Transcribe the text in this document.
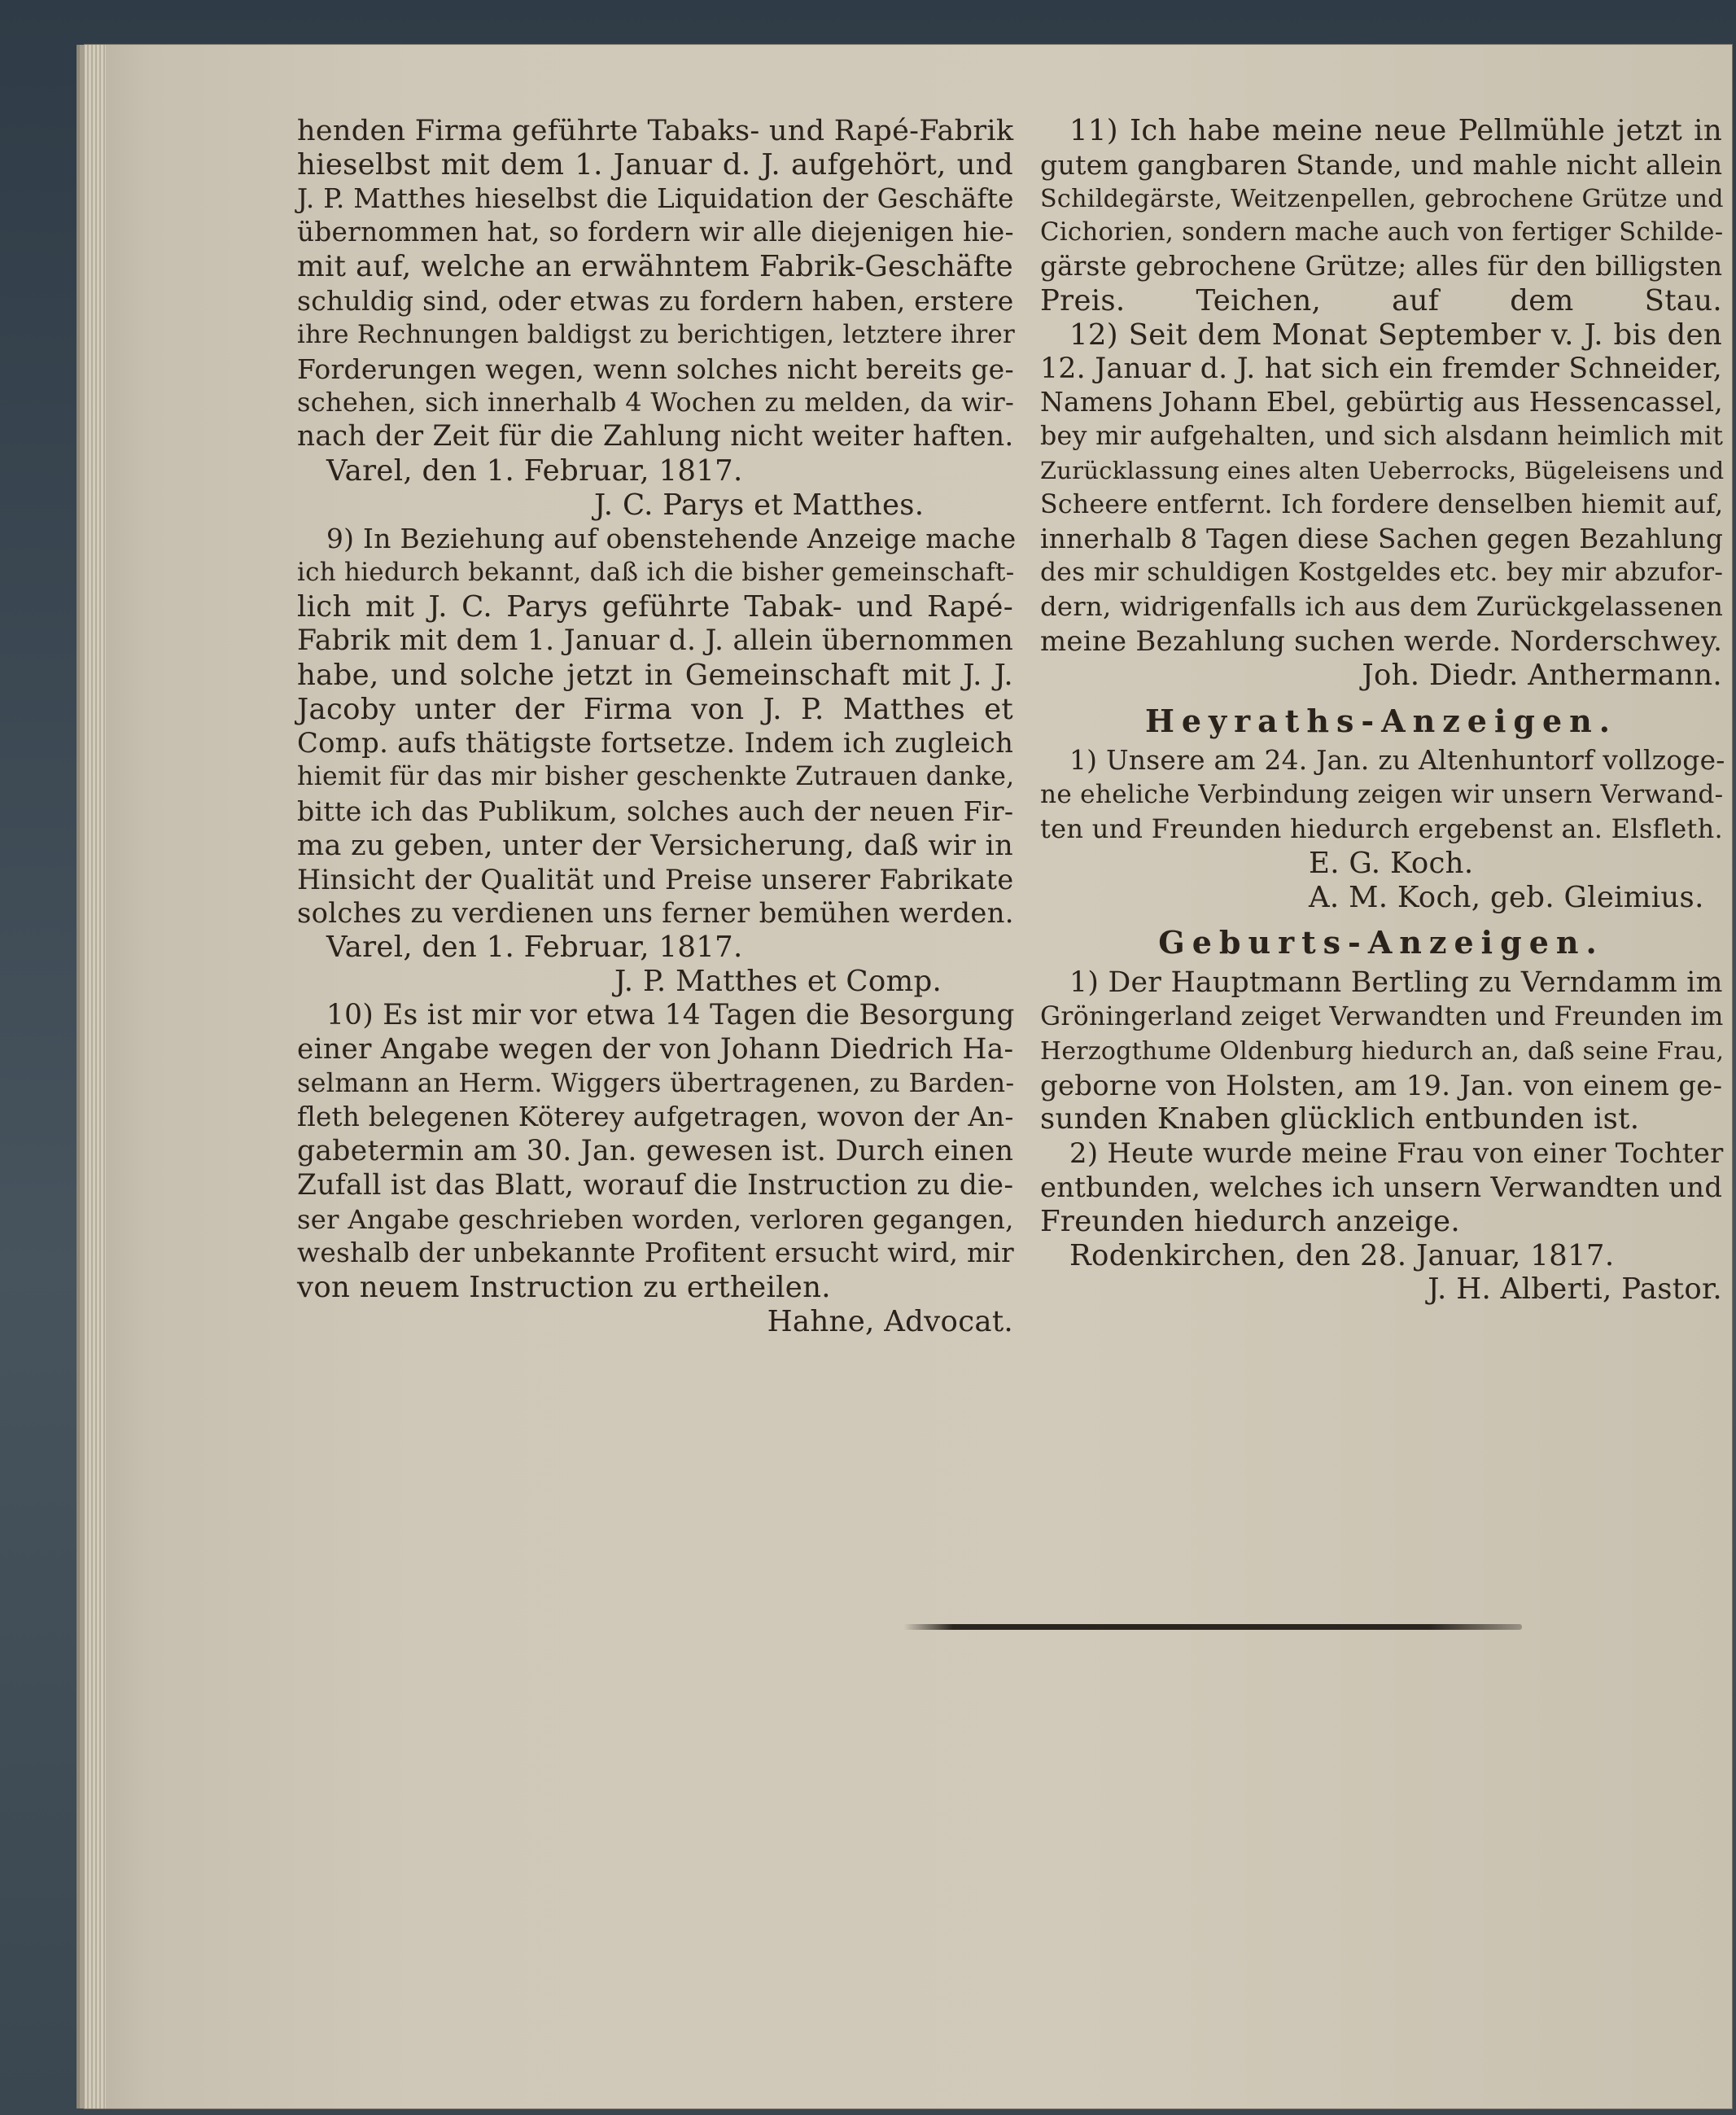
henden Firma geführte Tabaks- und Rapé-Fabrik

hieselbst mit dem 1. Januar d. J. aufgehört, und

J. P. Matthes hieselbst die Liquidation der Geschäfte

übernommen hat, so fordern wir alle diejenigen hie-

mit auf, welche an erwähntem Fabrik-Geschäfte

schuldig sind, oder etwas zu fordern haben, erstere

ihre Rechnungen baldigst zu berichtigen, letztere ihrer

Forderungen wegen, wenn solches nicht bereits ge-

schehen, sich innerhalb 4 Wochen zu melden, da wir-

nach der Zeit für die Zahlung nicht weiter haften.

Varel, den 1. Februar, 1817.

J. C. Parys et Matthes.

9) In Beziehung auf obenstehende Anzeige mache

ich hiedurch bekannt, daß ich die bisher gemeinschaft-

lich mit J. C. Parys geführte Tabak- und Rapé-

Fabrik mit dem 1. Januar d. J. allein übernommen

habe, und solche jetzt in Gemeinschaft mit J. J.

Jacoby unter der Firma von J. P. Matthes et

Comp. aufs thätigste fortsetze. Indem ich zugleich

hiemit für das mir bisher geschenkte Zutrauen danke,

bitte ich das Publikum, solches auch der neuen Fir-

ma zu geben, unter der Versicherung, daß wir in

Hinsicht der Qualität und Preise unserer Fabrikate

solches zu verdienen uns ferner bemühen werden.

Varel, den 1. Februar, 1817.

J. P. Matthes et Comp.

10) Es ist mir vor etwa 14 Tagen die Besorgung

einer Angabe wegen der von Johann Diedrich Ha-

selmann an Herm. Wiggers übertragenen, zu Barden-

fleth belegenen Köterey aufgetragen, wovon der An-

gabetermin am 30. Jan. gewesen ist. Durch einen

Zufall ist das Blatt, worauf die Instruction zu die-

ser Angabe geschrieben worden, verloren gegangen,

weshalb der unbekannte Profitent ersucht wird, mir

von neuem Instruction zu ertheilen.

Hahne, Advocat.

11) Ich habe meine neue Pellmühle jetzt in

gutem gangbaren Stande, und mahle nicht allein

Schildegärste, Weitzenpellen, gebrochene Grütze und

Cichorien, sondern mache auch von fertiger Schilde-

gärste gebrochene Grütze; alles für den billigsten

Preis. Teichen, auf dem Stau.

12) Seit dem Monat September v. J. bis den

12. Januar d. J. hat sich ein fremder Schneider,

Namens Johann Ebel, gebürtig aus Hessencassel,

bey mir aufgehalten, und sich alsdann heimlich mit

Zurücklassung eines alten Ueberrocks, Bügeleisens und

Scheere entfernt. Ich fordere denselben hiemit auf,

innerhalb 8 Tagen diese Sachen gegen Bezahlung

des mir schuldigen Kostgeldes etc. bey mir abzufor-

dern, widrigenfalls ich aus dem Zurückgelassenen

meine Bezahlung suchen werde. Norderschwey.

Joh. Diedr. Anthermann.

Heyraths-Anzeigen.

1) Unsere am 24. Jan. zu Altenhuntorf vollzoge-

ne eheliche Verbindung zeigen wir unsern Verwand-

ten und Freunden hiedurch ergebenst an. Elsfleth.

E. G. Koch.

A. M. Koch, geb. Gleimius.

Geburts-Anzeigen.

1) Der Hauptmann Bertling zu Verndamm im

Gröningerland zeiget Verwandten und Freunden im

Herzogthume Oldenburg hiedurch an, daß seine Frau,

geborne von Holsten, am 19. Jan. von einem ge-

sunden Knaben glücklich entbunden ist.

2) Heute wurde meine Frau von einer Tochter

entbunden, welches ich unsern Verwandten und

Freunden hiedurch anzeige.

Rodenkirchen, den 28. Januar, 1817.

J. H. Alberti, Pastor.
